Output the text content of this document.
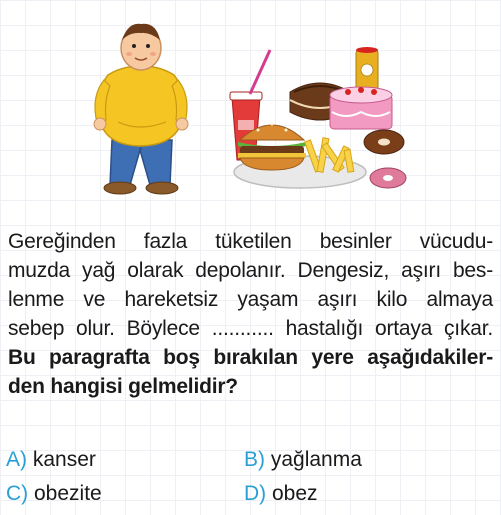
Gereğinden fazla tüketilen besinler vücudu-
muzda yağ olarak depolanır. Dengesiz, aşırı bes-
lenme ve hareketsiz yaşam aşırı kilo almaya
sebep olur. Böylece ........... hastalığı ortaya çıkar.
Bu paragrafta boş bırakılan yere aşağıdakiler-
den hangisi gelmelidir?
A) kanser	B) yağlanma
C) obezite	D) obez
